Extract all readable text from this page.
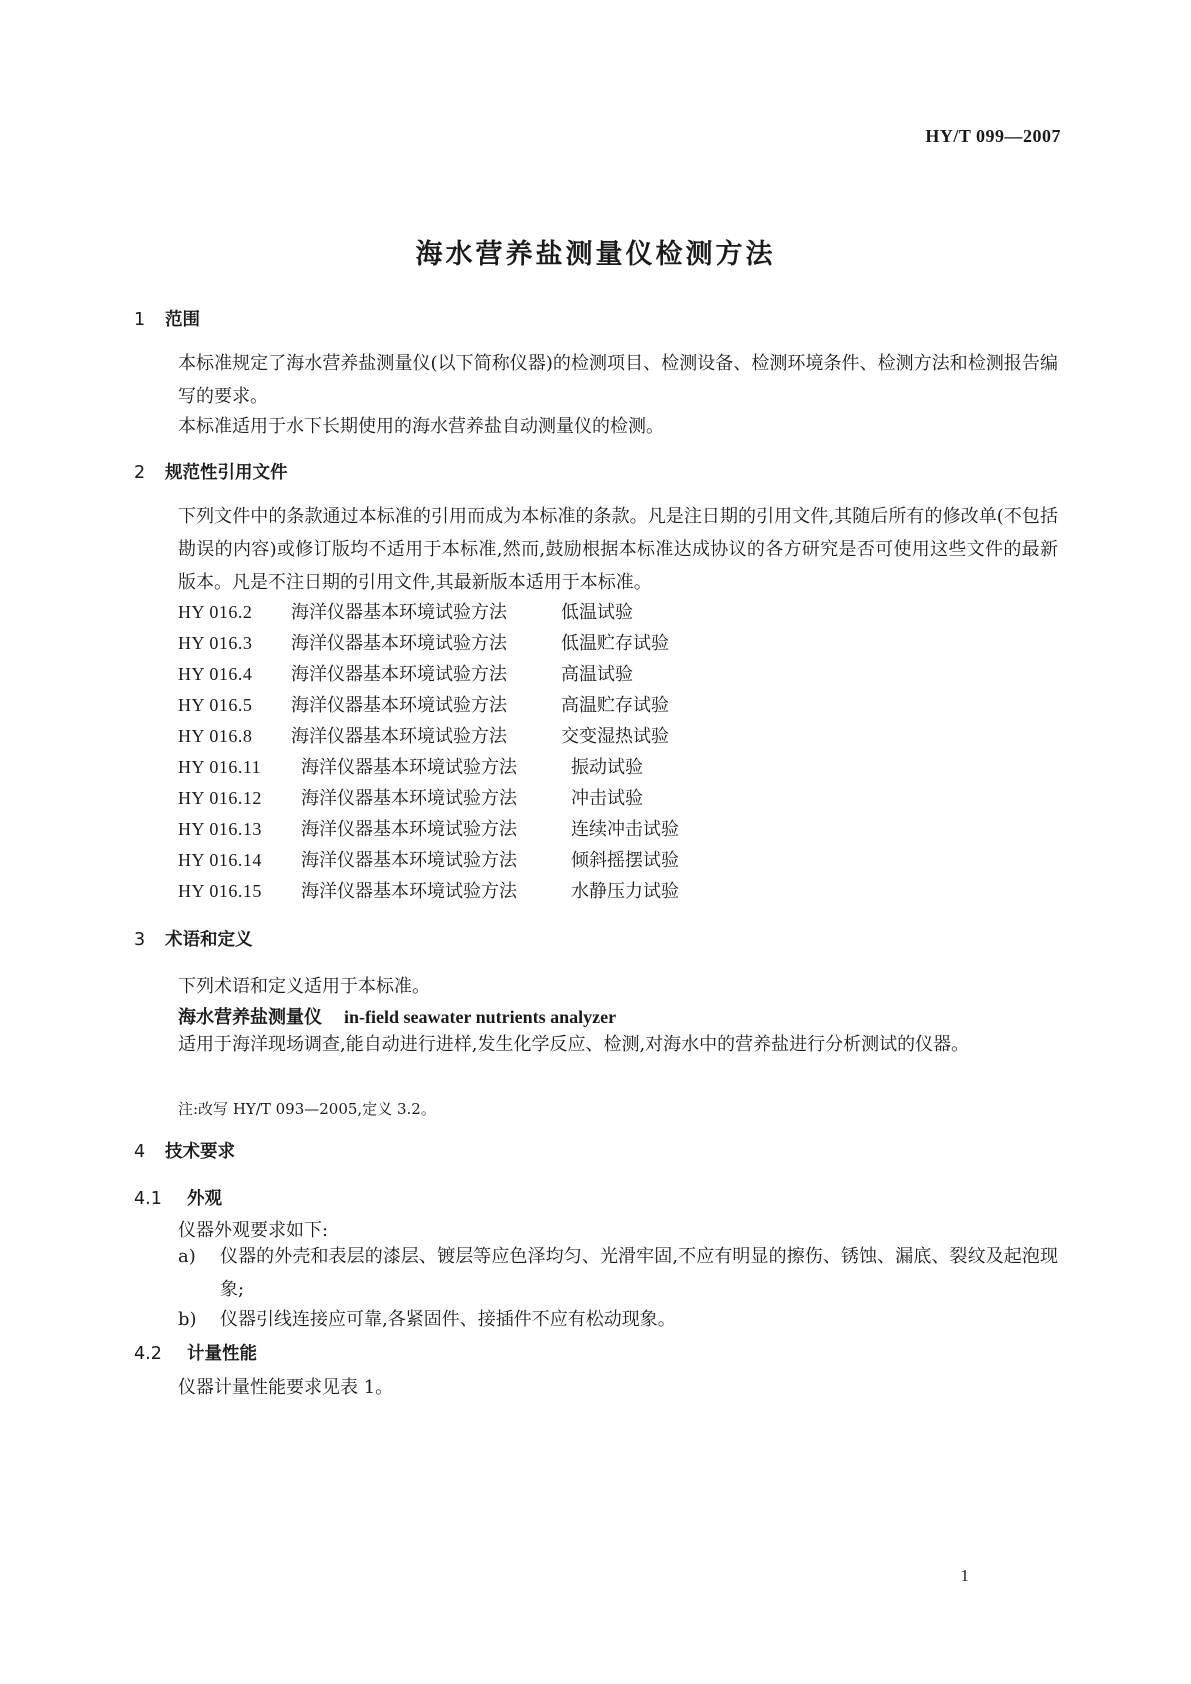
HY/T 099—2007
海水营养盐测量仪检测方法
1 范围
本标准规定了海水营养盐测量仪(以下简称仪器)的检测项目、检测设备、检测环境条件、检测方法和检测报告编写的要求。
本标准适用于水下长期使用的海水营养盐自动测量仪的检测。
2 规范性引用文件
下列文件中的条款通过本标准的引用而成为本标准的条款。凡是注日期的引用文件,其随后所有的修改单(不包括勘误的内容)或修订版均不适用于本标准,然而,鼓励根据本标准达成协议的各方研究是否可使用这些文件的最新版本。凡是不注日期的引用文件,其最新版本适用于本标准。
HY 016.2 海洋仪器基本环境试验方法	低温试验
HY 016.3 海洋仪器基本环境试验方法	低温贮存试验
HY 016.4 海洋仪器基本环境试验方法	高温试验
HY 016.5 海洋仪器基本环境试验方法	高温贮存试验
HY 016.8 海洋仪器基本环境试验方法	交变湿热试验
HY 016.11 海洋仪器基本环境试验方法	振动试验
HY 016.12 海洋仪器基本环境试验方法	冲击试验
HY 016.13 海洋仪器基本环境试验方法	连续冲击试验
HY 016.14 海洋仪器基本环境试验方法	倾斜摇摆试验
HY 016.15 海洋仪器基本环境试验方法	水静压力试验
3 术语和定义
下列术语和定义适用于本标准。
海水营养盐测量仪 in-field seawater nutrients analyzer
适用于海洋现场调查,能自动进行进样,发生化学反应、检测,对海水中的营养盐进行分析测试的仪器。
注:改写 HY/T 093—2005,定义 3.2。
4 技术要求
4.1 外观
仪器外观要求如下:
a) 仪器的外壳和表层的漆层、镀层等应色泽均匀、光滑牢固,不应有明显的擦伤、锈蚀、漏底、裂纹及起泡现象;
b) 仪器引线连接应可靠,各紧固件、接插件不应有松动现象。
4.2 计量性能
仪器计量性能要求见表 1。
1
